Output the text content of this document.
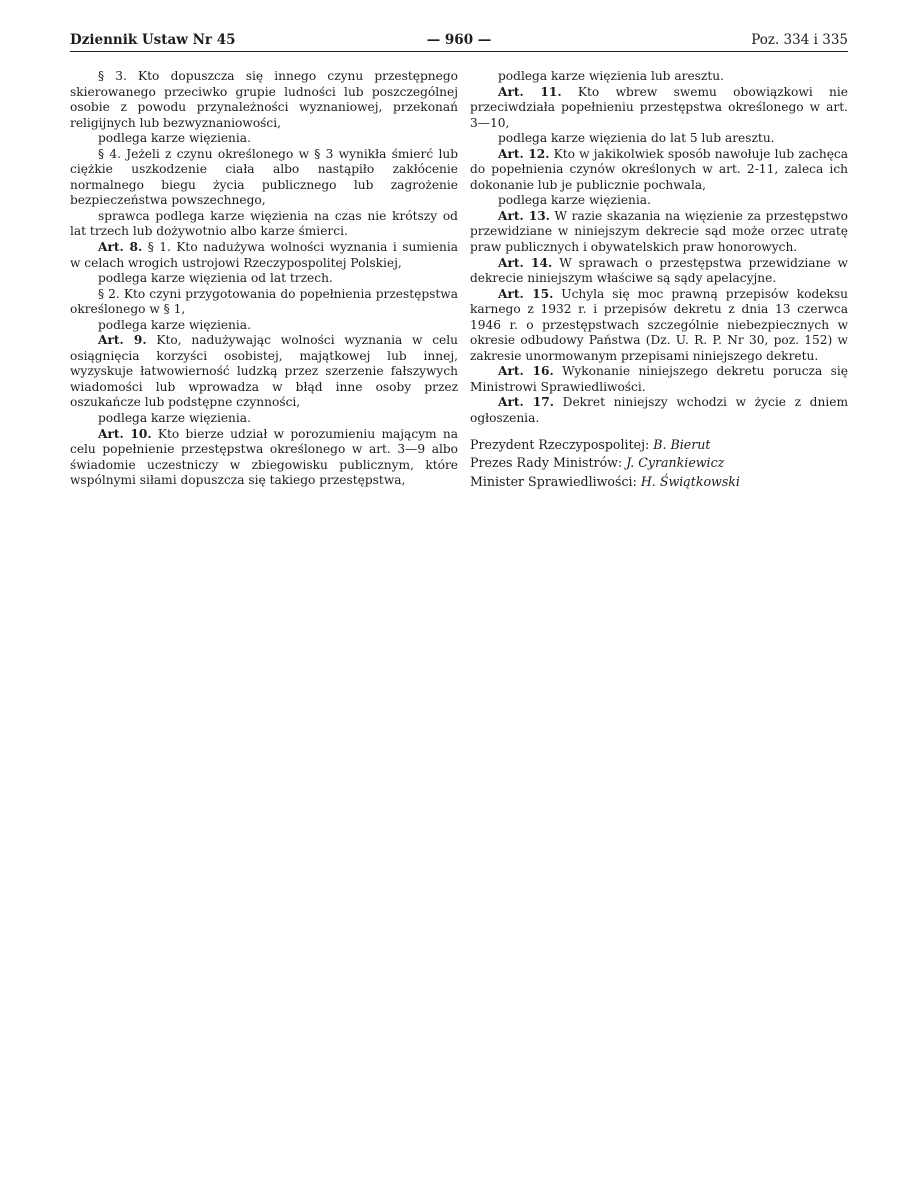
Dziennik Ustaw Nr 45	— 960 —	Poz. 334 i 335

§ 3. Kto dopuszcza się innego czynu przestępnego skierowanego przeciwko grupie ludności lub poszczególnej osobie z powodu przynależności wyznaniowej, przekonań religijnych lub bezwyznaniowości,

podlega karze więzienia.

§ 4. Jeżeli z czynu określonego w § 3 wynikła śmierć lub ciężkie uszkodzenie ciała albo nastąpiło zakłócenie normalnego biegu życia publicznego lub zagrożenie bezpieczeństwa powszechnego,

sprawca podlega karze więzienia na czas nie krótszy od lat trzech lub dożywotnio albo karze śmierci.

Art. 8. § 1. Kto nadużywa wolności wyznania i sumienia w celach wrogich ustrojowi Rzeczypospolitej Polskiej,

podlega karze więzienia od lat trzech.

§ 2. Kto czyni przygotowania do popełnienia przestępstwa określonego w § 1,

podlega karze więzienia.

Art. 9. Kto, nadużywając wolności wyznania w celu osiągnięcia korzyści osobistej, majątkowej lub innej, wyzyskuje łatwowierność ludzką przez szerzenie fałszywych wiadomości lub wprowadza w błąd inne osoby przez oszukańcze lub podstępne czynności,

podlega karze więzienia.

Art. 10. Kto bierze udział w porozumieniu mającym na celu popełnienie przestępstwa określonego w art. 3—9 albo świadomie uczestniczy w zbiegowisku publicznym, które wspólnymi siłami dopuszcza się takiego przestępstwa,

podlega karze więzienia lub aresztu.

Art. 11. Kto wbrew swemu obowiązkowi nie przeciwdziała popełnieniu przestępstwa określonego w art. 3—10,

podlega karze więzienia do lat 5 lub aresztu.

Art. 12. Kto w jakikolwiek sposób nawołuje lub zachęca do popełnienia czynów określonych w art. 2-11, zaleca ich dokonanie lub je publicznie pochwala,

podlega karze więzienia.

Art. 13. W razie skazania na więzienie za przestępstwo przewidziane w niniejszym dekrecie sąd może orzec utratę praw publicznych i obywatelskich praw honorowych.

Art. 14. W sprawach o przestępstwa przewidziane w dekrecie niniejszym właściwe są sądy apelacyjne.

Art. 15. Uchyla się moc prawną przepisów kodeksu karnego z 1932 r. i przepisów dekretu z dnia 13 czerwca 1946 r. o przestępstwach szczególnie niebezpiecznych w okresie odbudowy Państwa (Dz. U. R. P. Nr 30, poz. 152) w zakresie unormowanym przepisami niniejszego dekretu.

Art. 16. Wykonanie niniejszego dekretu porucza się Ministrowi Sprawiedliwości.

Art. 17. Dekret niniejszy wchodzi w życie z dniem ogłoszenia.

Prezydent Rzeczypospolitej: B. Bierut

Prezes Rady Ministrów: J. Cyrankiewicz

Minister Sprawiedliwości: H. Świątkowski
